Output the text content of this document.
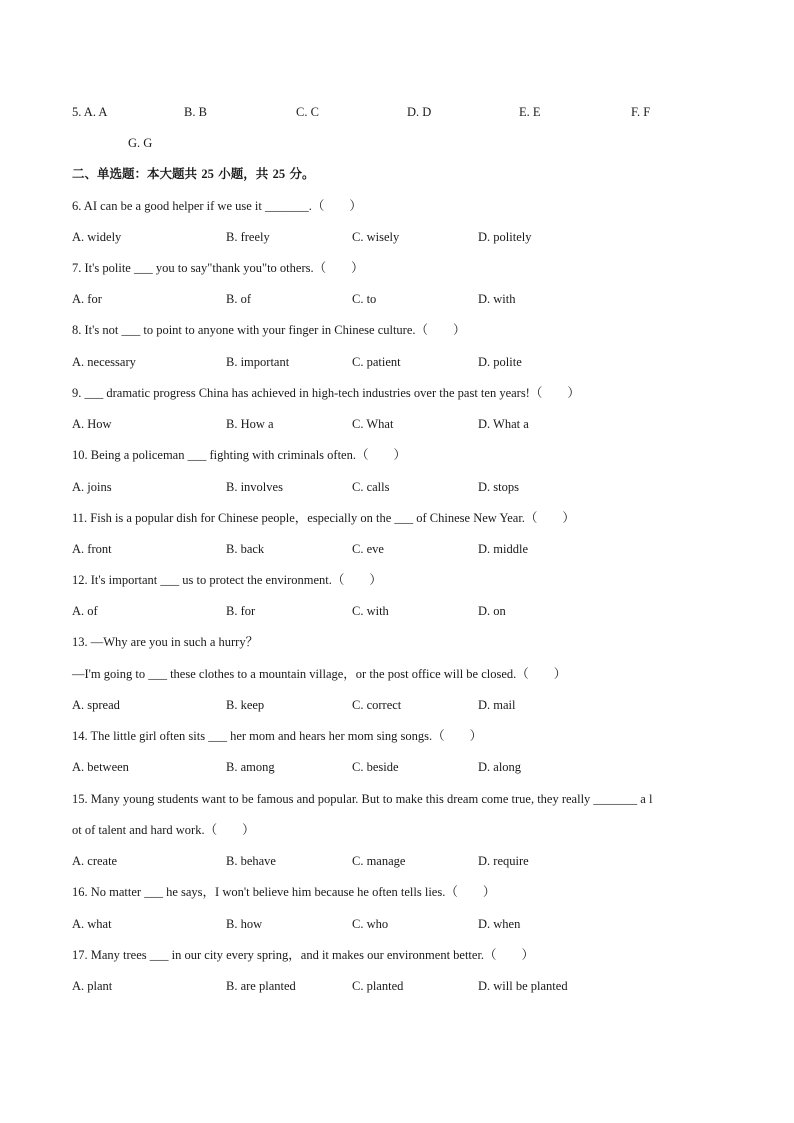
5. A. A	B. B	C. C	D. D	E. E	F. F
G. G
二、单选题：本大题共 25 小题，共 25 分。
6. AI can be a good helper if we use it _______.（　　）
A. widely	B. freely	C. wisely	D. politely
7. It's polite ___ you to say"thank you"to others.（　　）
A. for	B. of	C. to	D. with
8. It's not ___ to point to anyone with your finger in Chinese culture.（　　）
A. necessary	B. important	C. patient	D. polite
9. ___ dramatic progress China has achieved in high-tech industries over the past ten years!（　　）
A. How	B. How a	C. What	D. What a
10. Being a policeman ___ fighting with criminals often.（　　）
A. joins	B. involves	C. calls	D. stops
11. Fish is a popular dish for Chinese people，especially on the ___ of Chinese New Year.（　　）
A. front	B. back	C. eve	D. middle
12. It's important ___ us to protect the environment.（　　）
A. of	B. for	C. with	D. on
13. —Why are you in such a hurry？
—I'm going to ___ these clothes to a mountain village，or the post office will be closed.（　　）
A. spread	B. keep	C. correct	D. mail
14. The little girl often sits ___ her mom and hears her mom sing songs.（　　）
A. between	B. among	C. beside	D. along
15. Many young students want to be famous and popular. But to make this dream come true, they really _______ a l
ot of talent and hard work.（　　）
A. create	B. behave	C. manage	D. require
16. No matter ___ he says，I won't believe him because he often tells lies.（　　）
A. what	B. how	C. who	D. when
17. Many trees ___ in our city every spring，and it makes our environment better.（　　）
A. plant	B. are planted	C. planted	D. will be planted
